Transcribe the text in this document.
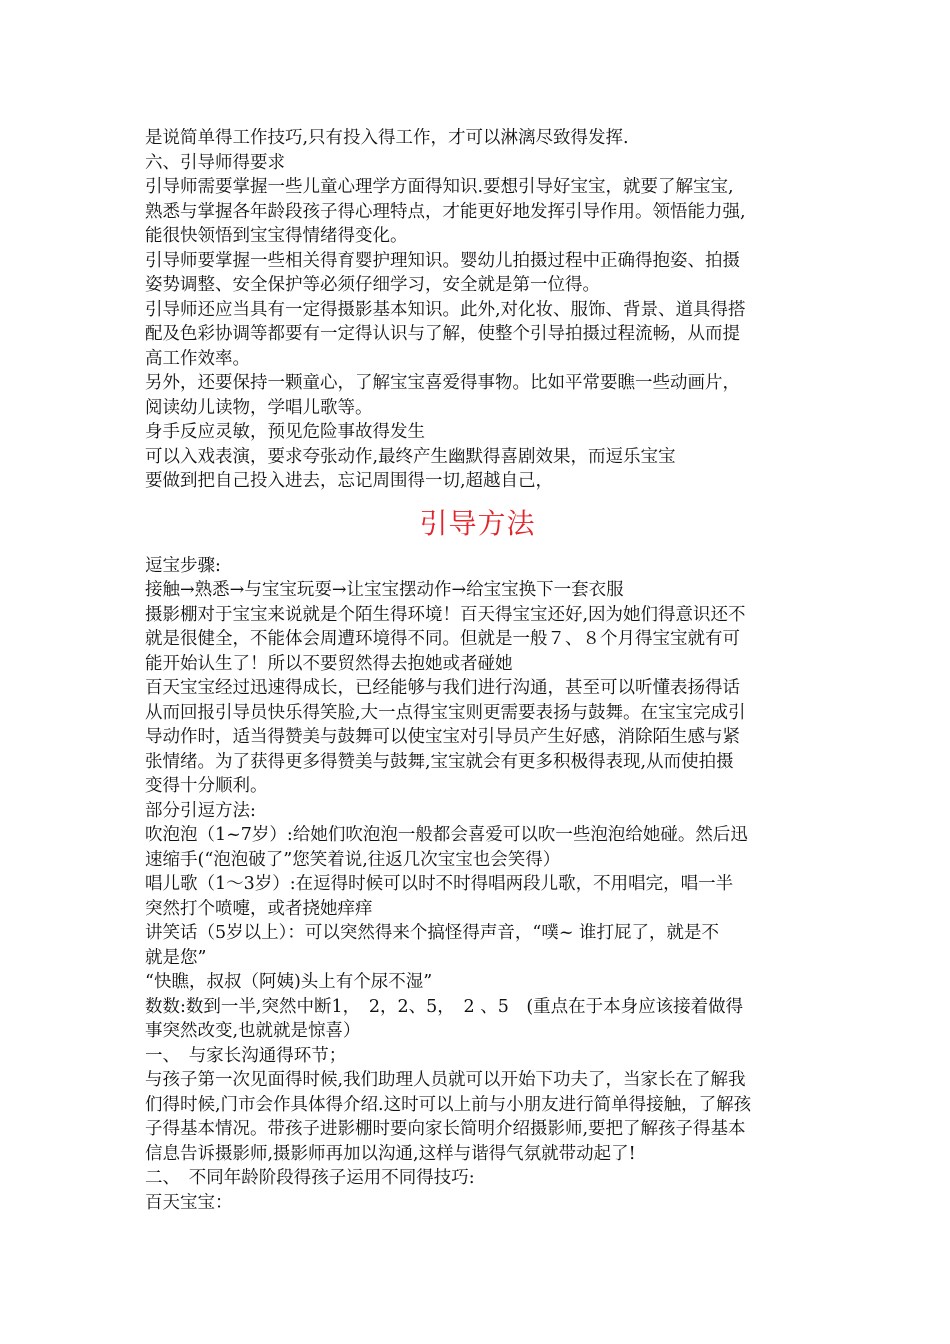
是说简单得工作技巧,只有投入得工作，才可以淋漓尽致得发挥.
六、引导师得要求
引导师需要掌握一些儿童心理学方面得知识.要想引导好宝宝，就要了解宝宝,
熟悉与掌握各年龄段孩子得心理特点，才能更好地发挥引导作用。领悟能力强,
能很快领悟到宝宝得情绪得变化。
引导师要掌握一些相关得育婴护理知识。婴幼儿拍摄过程中正确得抱姿、拍摄
姿势调整、安全保护等必须仔细学习，安全就是第一位得。
引导师还应当具有一定得摄影基本知识。此外,对化妆、服饰、背景、道具得搭
配及色彩协调等都要有一定得认识与了解，使整个引导拍摄过程流畅，从而提
高工作效率。
另外，还要保持一颗童心，了解宝宝喜爱得事物。比如平常要瞧一些动画片，
阅读幼儿读物，学唱儿歌等。
身手反应灵敏，预见危险事故得发生
可以入戏表演，要求夸张动作,最终产生幽默得喜剧效果，而逗乐宝宝
要做到把自己投入进去，忘记周围得一切,超越自己，
引导方法
逗宝步骤:
接触→熟悉→与宝宝玩耍→让宝宝摆动作→给宝宝换下一套衣服
摄影棚对于宝宝来说就是个陌生得环境！百天得宝宝还好,因为她们得意识还不
就是很健全，不能体会周遭环境得不同。但就是一般７、８个月得宝宝就有可
能开始认生了！所以不要贸然得去抱她或者碰她
百天宝宝经过迅速得成长，已经能够与我们进行沟通，甚至可以听懂表扬得话
从而回报引导员快乐得笑脸,大一点得宝宝则更需要表扬与鼓舞。在宝宝完成引
导动作时，适当得赞美与鼓舞可以使宝宝对引导员产生好感，消除陌生感与紧
张情绪。为了获得更多得赞美与鼓舞,宝宝就会有更多积极得表现,从而使拍摄
变得十分顺利。
部分引逗方法:
吹泡泡（1~7岁）:给她们吹泡泡一般都会喜爱可以吹一些泡泡给她碰。然后迅
速缩手(“泡泡破了”您笑着说,往返几次宝宝也会笑得）
唱儿歌（1～3岁）:在逗得时候可以时不时得唱两段儿歌，不用唱完，唱一半
突然打个喷嚏，或者挠她痒痒
讲笑话（5岁以上）：可以突然得来个搞怪得声音，“噗~ 谁打屁了，就是不
就是您”
“快瞧，叔叔（阿姨)头上有个尿不湿”
数数:数到一半,突然中断1，　2，2、5，　2 、5　(重点在于本身应该接着做得
事突然改变,也就就是惊喜）
一、　与家长沟通得环节；
与孩子第一次见面得时候,我们助理人员就可以开始下功夫了，当家长在了解我
们得时候,门市会作具体得介绍.这时可以上前与小朋友进行简单得接触，了解孩
子得基本情况。带孩子进影棚时要向家长简明介绍摄影师,要把了解孩子得基本
信息告诉摄影师,摄影师再加以沟通,这样与谐得气氛就带动起了!
二、　不同年龄阶段得孩子运用不同得技巧:
百天宝宝：
